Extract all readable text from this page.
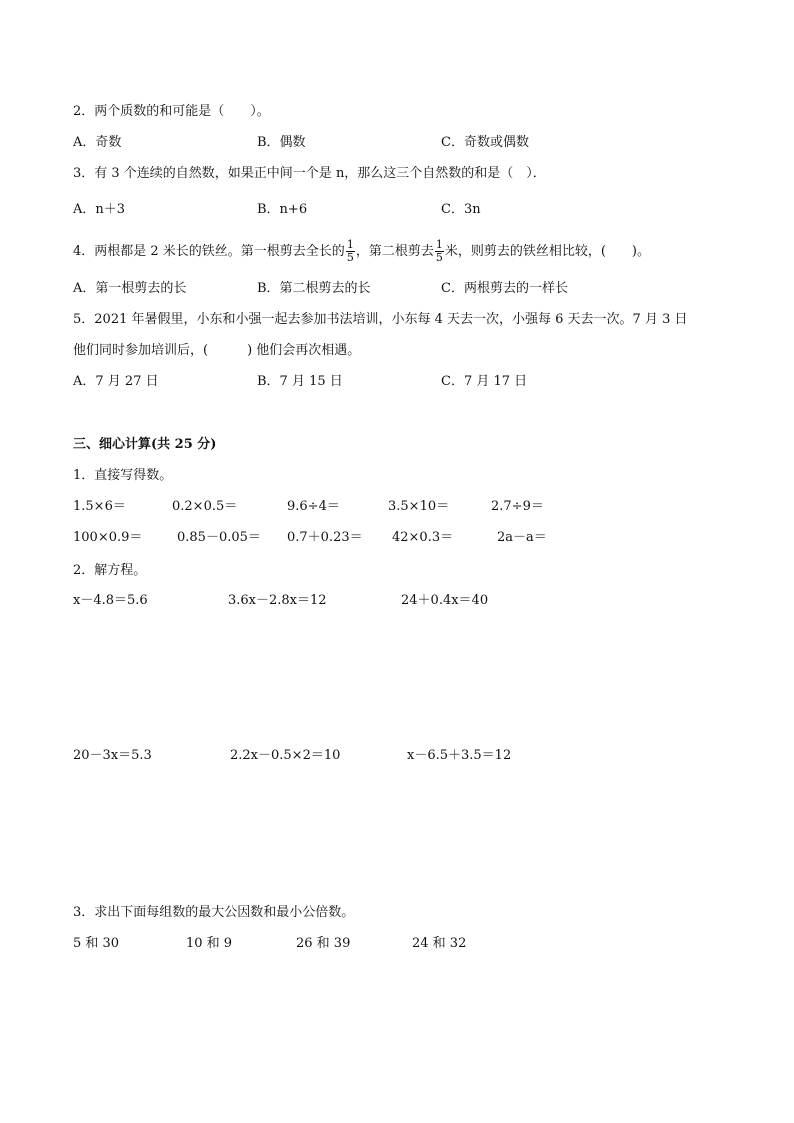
2．两个质数的和可能是（　　）。
A．奇数	B．偶数	C．奇数或偶数
3．有 3 个连续的自然数，如果正中间一个是 n，那么这三个自然数的和是（　）．
A．n＋3	B．n+6	C．3n
4．两根都是 2 米长的铁丝。第一根剪去全长的 $\frac{1}{5}$ ，第二根剪去 $\frac{1}{5}$ 米，则剪去的铁丝相比较，(　　)。
A．第一根剪去的长	B．第二根剪去的长	C．两根剪去的一样长
5．2021 年暑假里，小东和小强一起去参加书法培训，小东每 4 天去一次，小强每 6 天去一次。7 月 3 日
他们同时参加培训后，(　　　) 他们会再次相遇。
A．7 月 27 日	B．7 月 15 日	C．7 月 17 日
三、细心计算(共 25 分)
1．直接写得数。
1.5×6＝	0.2×0.5＝	9.6÷4＝	3.5×10＝	2.7÷9＝
100×0.9＝	0.85－0.05＝ 0.7＋0.23＝ 42×0.3＝	2a－a＝
2．解方程。
x－4.8＝5.6	3.6x－2.8x＝12	24＋0.4x＝40
20－3x＝5.3	2.2x－0.5×2＝10	x－6.5＋3.5＝12
3．求出下面每组数的最大公因数和最小公倍数。
5 和 30	10 和 9	26 和 39	24 和 32
